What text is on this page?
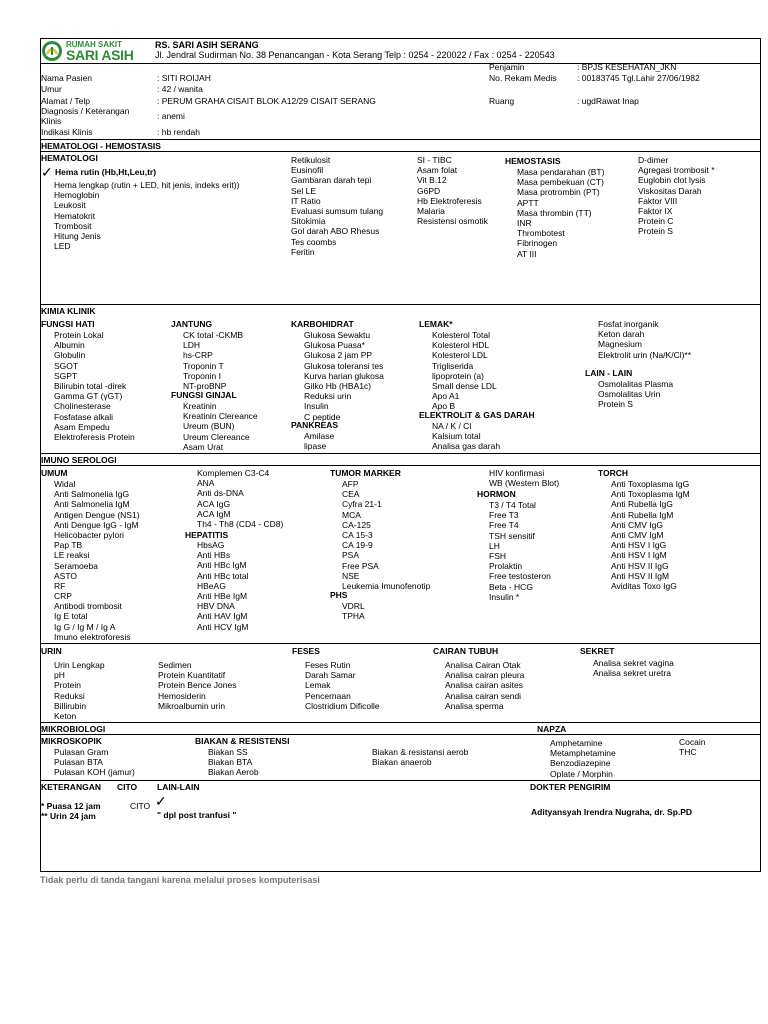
RUMAH SAKIT
SARI ASIH
RS. SARI ASIH SERANG
Jl. Jendral Sudirman No. 38 Penancangan - Kota Serang Telp : 0254 - 220022 / Fax : 0254 - 220543
Nama Pasien	: SITI ROIJAH
Umur	: 42 / wanita
Alamat / Telp	: PERUM GRAHA CISAIT BLOK A12/29 CISAIT SERANG
Diagnosis / Keterangan
Klinis	: anemi
Indikasi Klinis	: hb rendah
Penjamin	: BPJS KESEHATAN_JKN
No. Rekam Medis : 00183745 Tgl.Lahir 27/06/1982
Ruang	: ugdRawat Inap
HEMATOLOGI - HEMOSTASIS
HEMATOLOGI
✓ Hema rutin (Hb,Ht,Leu,tr)
Hema lengkap (rutin + LED, hit jenis, indeks erit))
Hemoglobin
Leukosit
Hematokrit
Trombosit
Hitung Jenis
LED
Retikulosit
Eusinofil
Gambaran darah tepi
Sel LE
IT Ratio
Evaluasi sumsum tulang
Sitokimia
Gol darah ABO Rhesus
Tes coombs
Feritin
SI - TIBC
Asam folat
Vit B.12
G6PD
Hb Elektroferesis
Malaria
Resistensi osmotik
HEMOSTASIS
Masa pendarahan (BT)
Masa pembekuan (CT)
Masa protrombin (PT)
APTT
Masa thrombin (TT)
INR
Thrombotest
Fibrinogen
AT III
D-dimer
Agregasi trombosit *
Euglobin clot lysis
Viskositas Darah
Faktor VIII
Faktor IX
Protein C
Protein S
KIMIA KLINIK
FUNGSI HATI
Protein Lokal
Albumin
Globulin
SGOT
SGPT
Bilirubin total -direk
Gamma GT (γGT)
Cholinesterase
Fosfatase alkali
Asam Empedu
Elektroferesis Protein
JANTUNG
CK total -CKMB
LDH
hs-CRP
Troponin T
Troponin I
NT-proBNP
FUNGSI GINJAL
Kreatinin
Kreatinin Clereance
Ureum (BUN)
Ureum Clereance
Asam Urat
KARBOHIDRAT
Glukosa Sewaktu
Glukosa Puasa*
Glukosa 2 jam PP
Glukosa toleransi tes
Kurva harian glukosa
Gilko Hb (HBA1c)
Reduksi urin
Insulin
C peptide
PANKREAS
Amilase
lipase
LEMAK*
Kolesterol Total
Kolesterol HDL
Kolesterol LDL
Trigliserida
lipoprotein (a)
Small dense LDL
Apo A1
Apo B
ELEKTROLiT & GAS DARAH
NA / K / Cl
Kalsium total
Analisa gas darah
Fosfat inorganik
Keton darah
Magnesium
Elektrolit urin (Na/K/Cl)**
LAIN - LAIN
Osmolalitas Plasma
Osmolalitas Urin
Protein S
IMUNO SEROLOGI
UMUM
Widal
Anti Salmonelia IgG
Anti Salmonelia IgM
Antigen Dengue (NS1)
Anti Dengue IgG - IgM
Helicobacter pylori
Pap TB
LE reaksi
Seramoeba
ASTO
RF
CRP
Antibodi trombosit
Ig E total
Ig G / Ig M / Ig A
Imuno elektroforesis
Komplemen C3-C4
ANA
Anti ds-DNA
ACA IgG
ACA IgM
Th4 - Th8 (CD4 - CD8)
HEPATITIS
HbsAG
Anti HBs
Anti HBc IgM
Anti HBc total
HBeAG
Anti HBe IgM
HBV DNA
Anti HAV IgM
Anti HCV IgM
TUMOR MARKER
AFP
CEA
Cyfra 21-1
MCA
CA-125
CA 15-3
CA 19-9
PSA
Free PSA
NSE
Leukemia Imunofenotip
PHS
VDRL
TPHA
HIV konfirmasi
WB (Western Blot)
HORMON
T3 / T4 Total
Free T3
Free T4
TSH sensitif
LH
FSH
Prolaktin
Free testosteron
Beta - HCG
Insulin *
TORCH
Anti Toxoplasma IgG
Anti Toxoplasma IgM
Anti Rubella IgG
Anti Rubella IgM
Anti CMV IgG
Anti CMV IgM
Anti HSV I IgG
Anti HSV I IgM
Anti HSV II IgG
Anti HSV II IgM
Aviditas Toxo IgG
URIN
Urin Lengkap
pH
Protein
Reduksi
Billirubin
Keton
Sedimen
Protein Kuantitatif
Protein Bence Jones
Hemosiderin
Mikroalbumin urin
FESES
Feses Rutin
Darah Samar
Lemak
Pencernaan
Clostridium Dificolle
CAIRAN TUBUH
Analisa Cairan Otak
Analisa cairan pleura
Analisa cairan asites
Analisa cairan sendi
Analisa sperma
SEKRET
Analisa sekret vagina
Analisa sekret uretra
MIKROBIOLOGI
MIKROSKOPIK
Pulasan Gram
Pulasan BTA
Pulasan KOH (jamur)
BIAKAN & RESISTENSI
Biakan SS
Biakan BTA
Biakan Aerob
Biakan & resistansi aerob
Biakan anaerob
NAPZA
Amphetamine
Metamphetamine
Benzodiazepine
Oplate / Morphin
Cocain
THC
KETERANGAN CITO LAIN-LAIN	DOKTER PENGIRIM
* Puasa 12 jam
** Urin 24 jam
CITO ✓
" dpl post tranfusi "	Adityansyah Irendra Nugraha, dr. Sp.PD
Tidak perlu di tanda tangani karena melalui proses komputerisasi
